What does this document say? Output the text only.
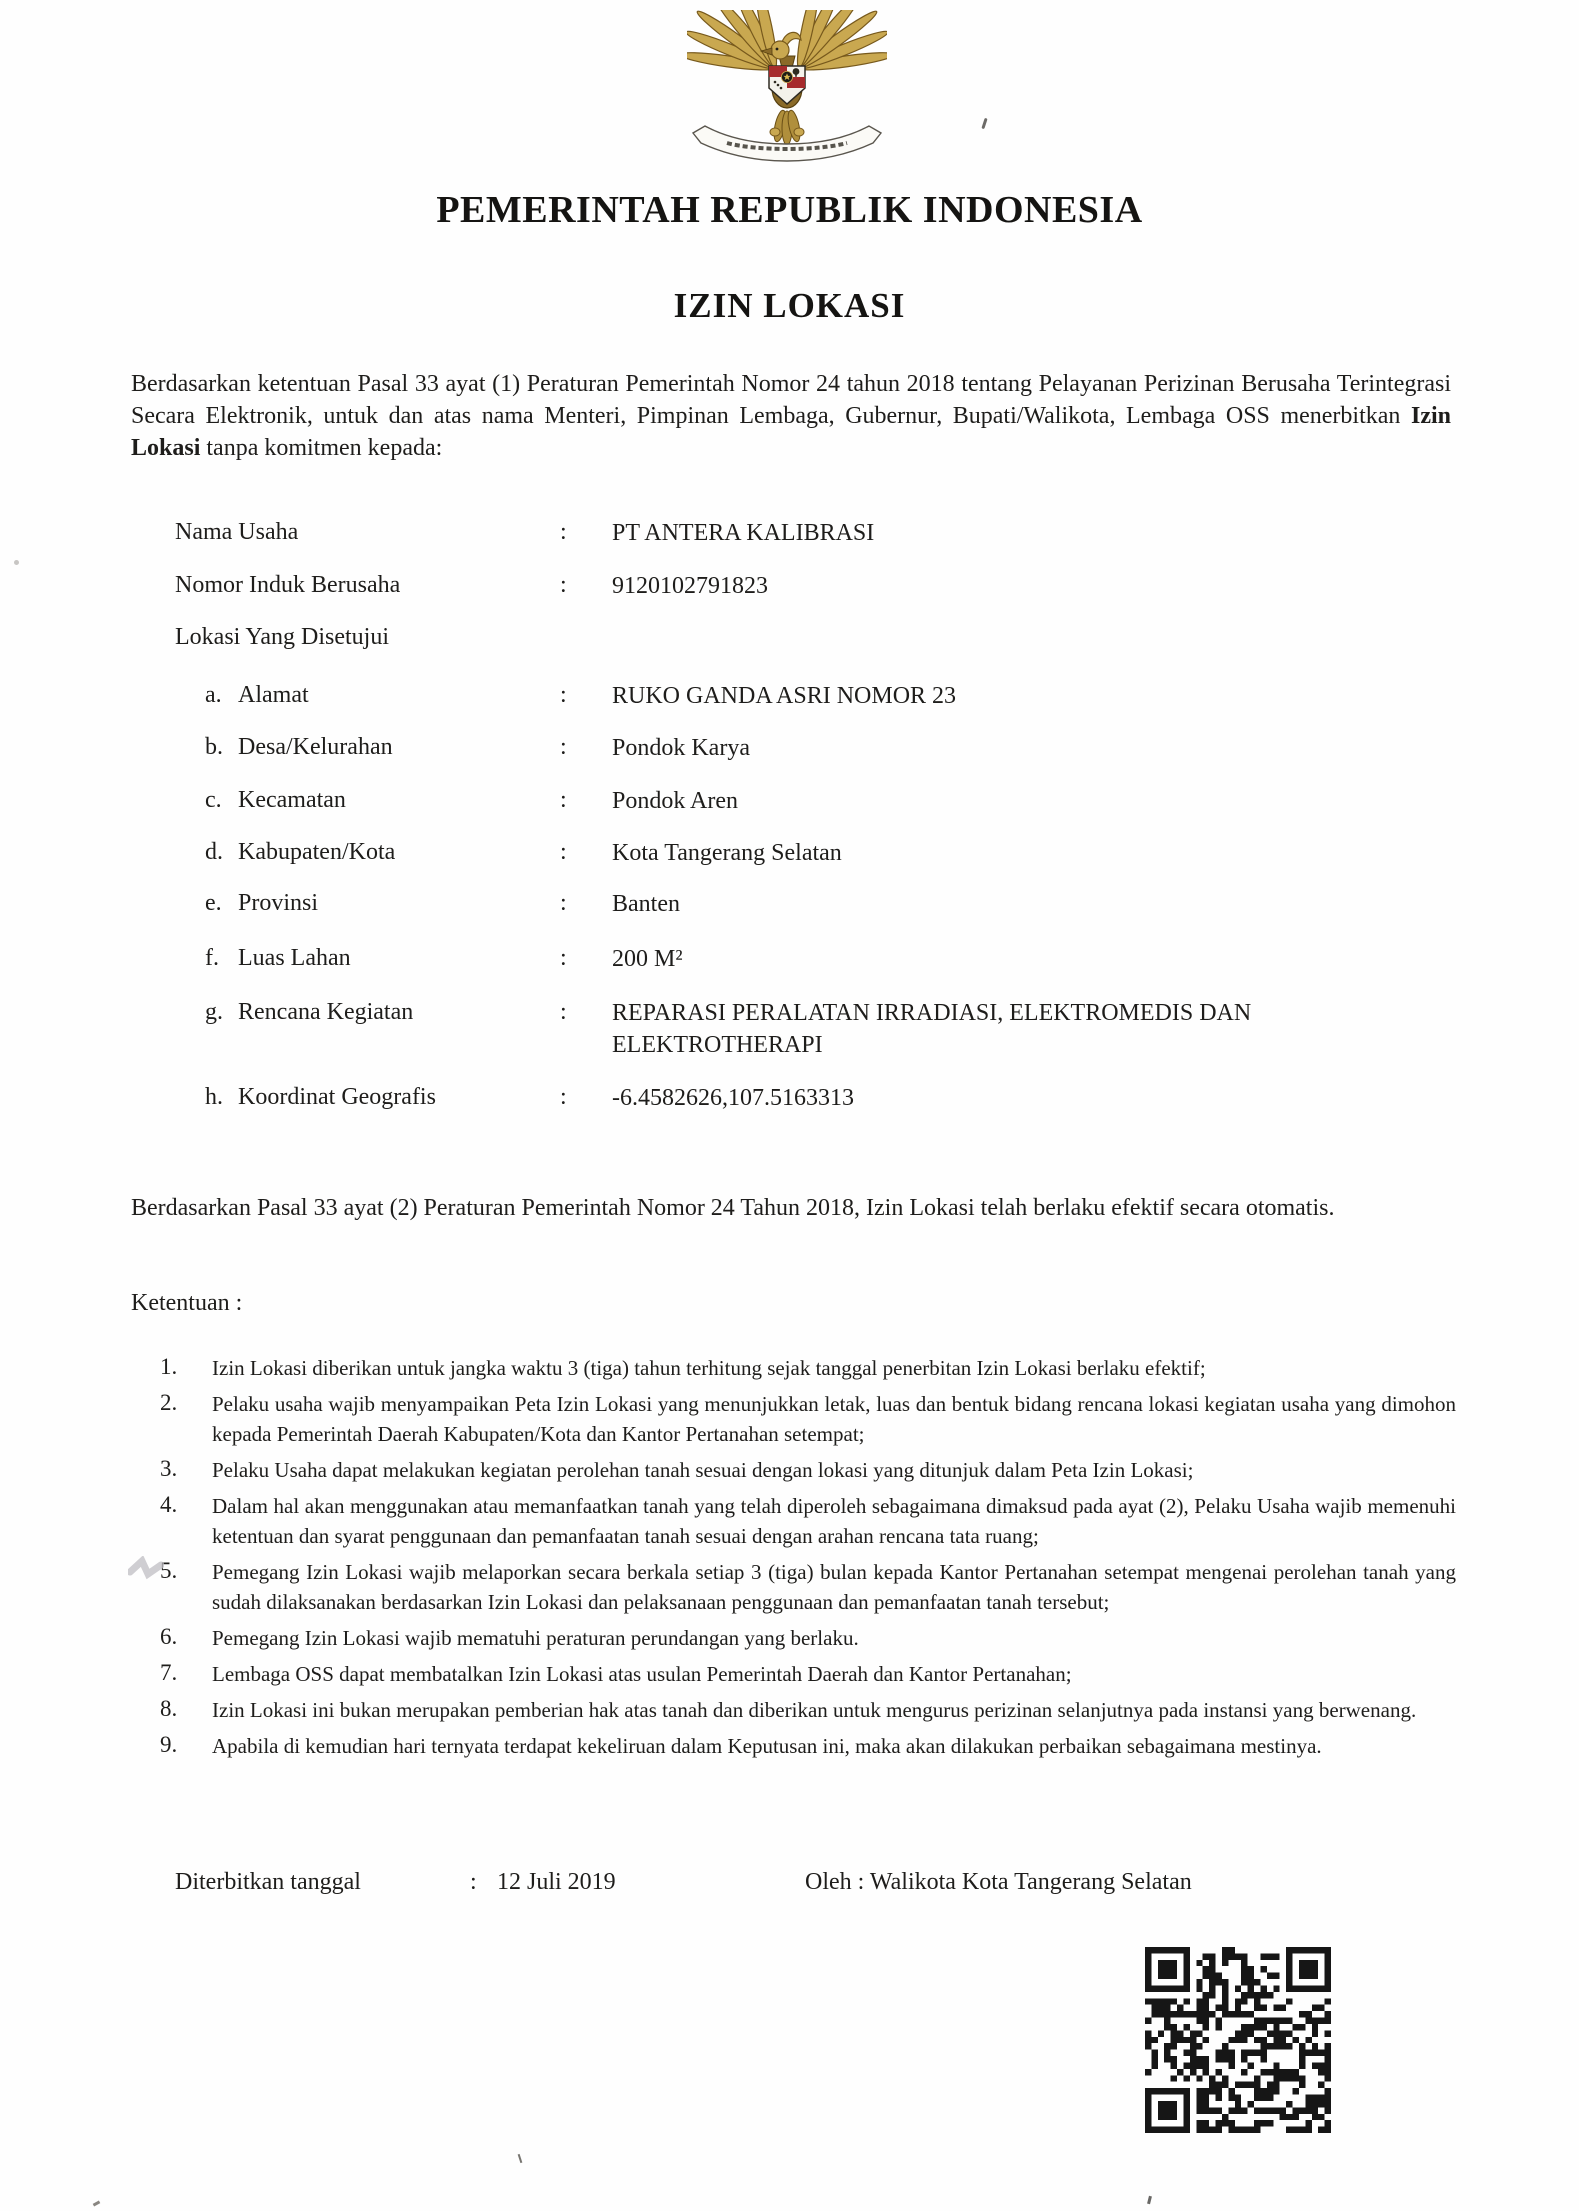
PEMERINTAH REPUBLIK INDONESIA
IZIN LOKASI

Berdasarkan ketentuan Pasal 33 ayat (1) Peraturan Pemerintah Nomor 24 tahun 2018 tentang Pelayanan Perizinan Berusaha Terintegrasi Secara Elektronik, untuk dan atas nama Menteri, Pimpinan Lembaga, Gubernur, Bupati/Walikota, Lembaga OSS menerbitkan Izin Lokasi tanpa komitmen kepada:

Nama Usaha	: PT ANTERA KALIBRASI
Nomor Induk Berusaha	: 9120102791823
Lokasi Yang Disetujui
a. Alamat	: RUKO GANDA ASRI NOMOR 23
b. Desa/Kelurahan	: Pondok Karya
c. Kecamatan	: Pondok Aren
d. Kabupaten/Kota	: Kota Tangerang Selatan
e. Provinsi	: Banten
f. Luas Lahan	: 200 M²
g. Rencana Kegiatan	: REPARASI PERALATAN IRRADIASI, ELEKTROMEDIS DAN ELEKTROTHERAPI
h. Koordinat Geografis	: -6.4582626,107.5163313

Berdasarkan Pasal 33 ayat (2) Peraturan Pemerintah Nomor 24 Tahun 2018, Izin Lokasi telah berlaku efektif secara otomatis.

Ketentuan :
1. Izin Lokasi diberikan untuk jangka waktu 3 (tiga) tahun terhitung sejak tanggal penerbitan Izin Lokasi berlaku efektif;
2. Pelaku usaha wajib menyampaikan Peta Izin Lokasi yang menunjukkan letak, luas dan bentuk bidang rencana lokasi kegiatan usaha yang dimohon kepada Pemerintah Daerah Kabupaten/Kota dan Kantor Pertanahan setempat;
3. Pelaku Usaha dapat melakukan kegiatan perolehan tanah sesuai dengan lokasi yang ditunjuk dalam Peta Izin Lokasi;
4. Dalam hal akan menggunakan atau memanfaatkan tanah yang telah diperoleh sebagaimana dimaksud pada ayat (2), Pelaku Usaha wajib memenuhi ketentuan dan syarat penggunaan dan pemanfaatan tanah sesuai dengan arahan rencana tata ruang;
5. Pemegang Izin Lokasi wajib melaporkan secara berkala setiap 3 (tiga) bulan kepada Kantor Pertanahan setempat mengenai perolehan tanah yang sudah dilaksanakan berdasarkan Izin Lokasi dan pelaksanaan penggunaan dan pemanfaatan tanah tersebut;
6. Pemegang Izin Lokasi wajib mematuhi peraturan perundangan yang berlaku.
7. Lembaga OSS dapat membatalkan Izin Lokasi atas usulan Pemerintah Daerah dan Kantor Pertanahan;
8. Izin Lokasi ini bukan merupakan pemberian hak atas tanah dan diberikan untuk mengurus perizinan selanjutnya pada instansi yang berwenang.
9. Apabila di kemudian hari ternyata terdapat kekeliruan dalam Keputusan ini, maka akan dilakukan perbaikan sebagaimana mestinya.
Diterbitkan tanggal	: 12 Juli 2019	Oleh : Walikota Kota Tangerang Selatan
